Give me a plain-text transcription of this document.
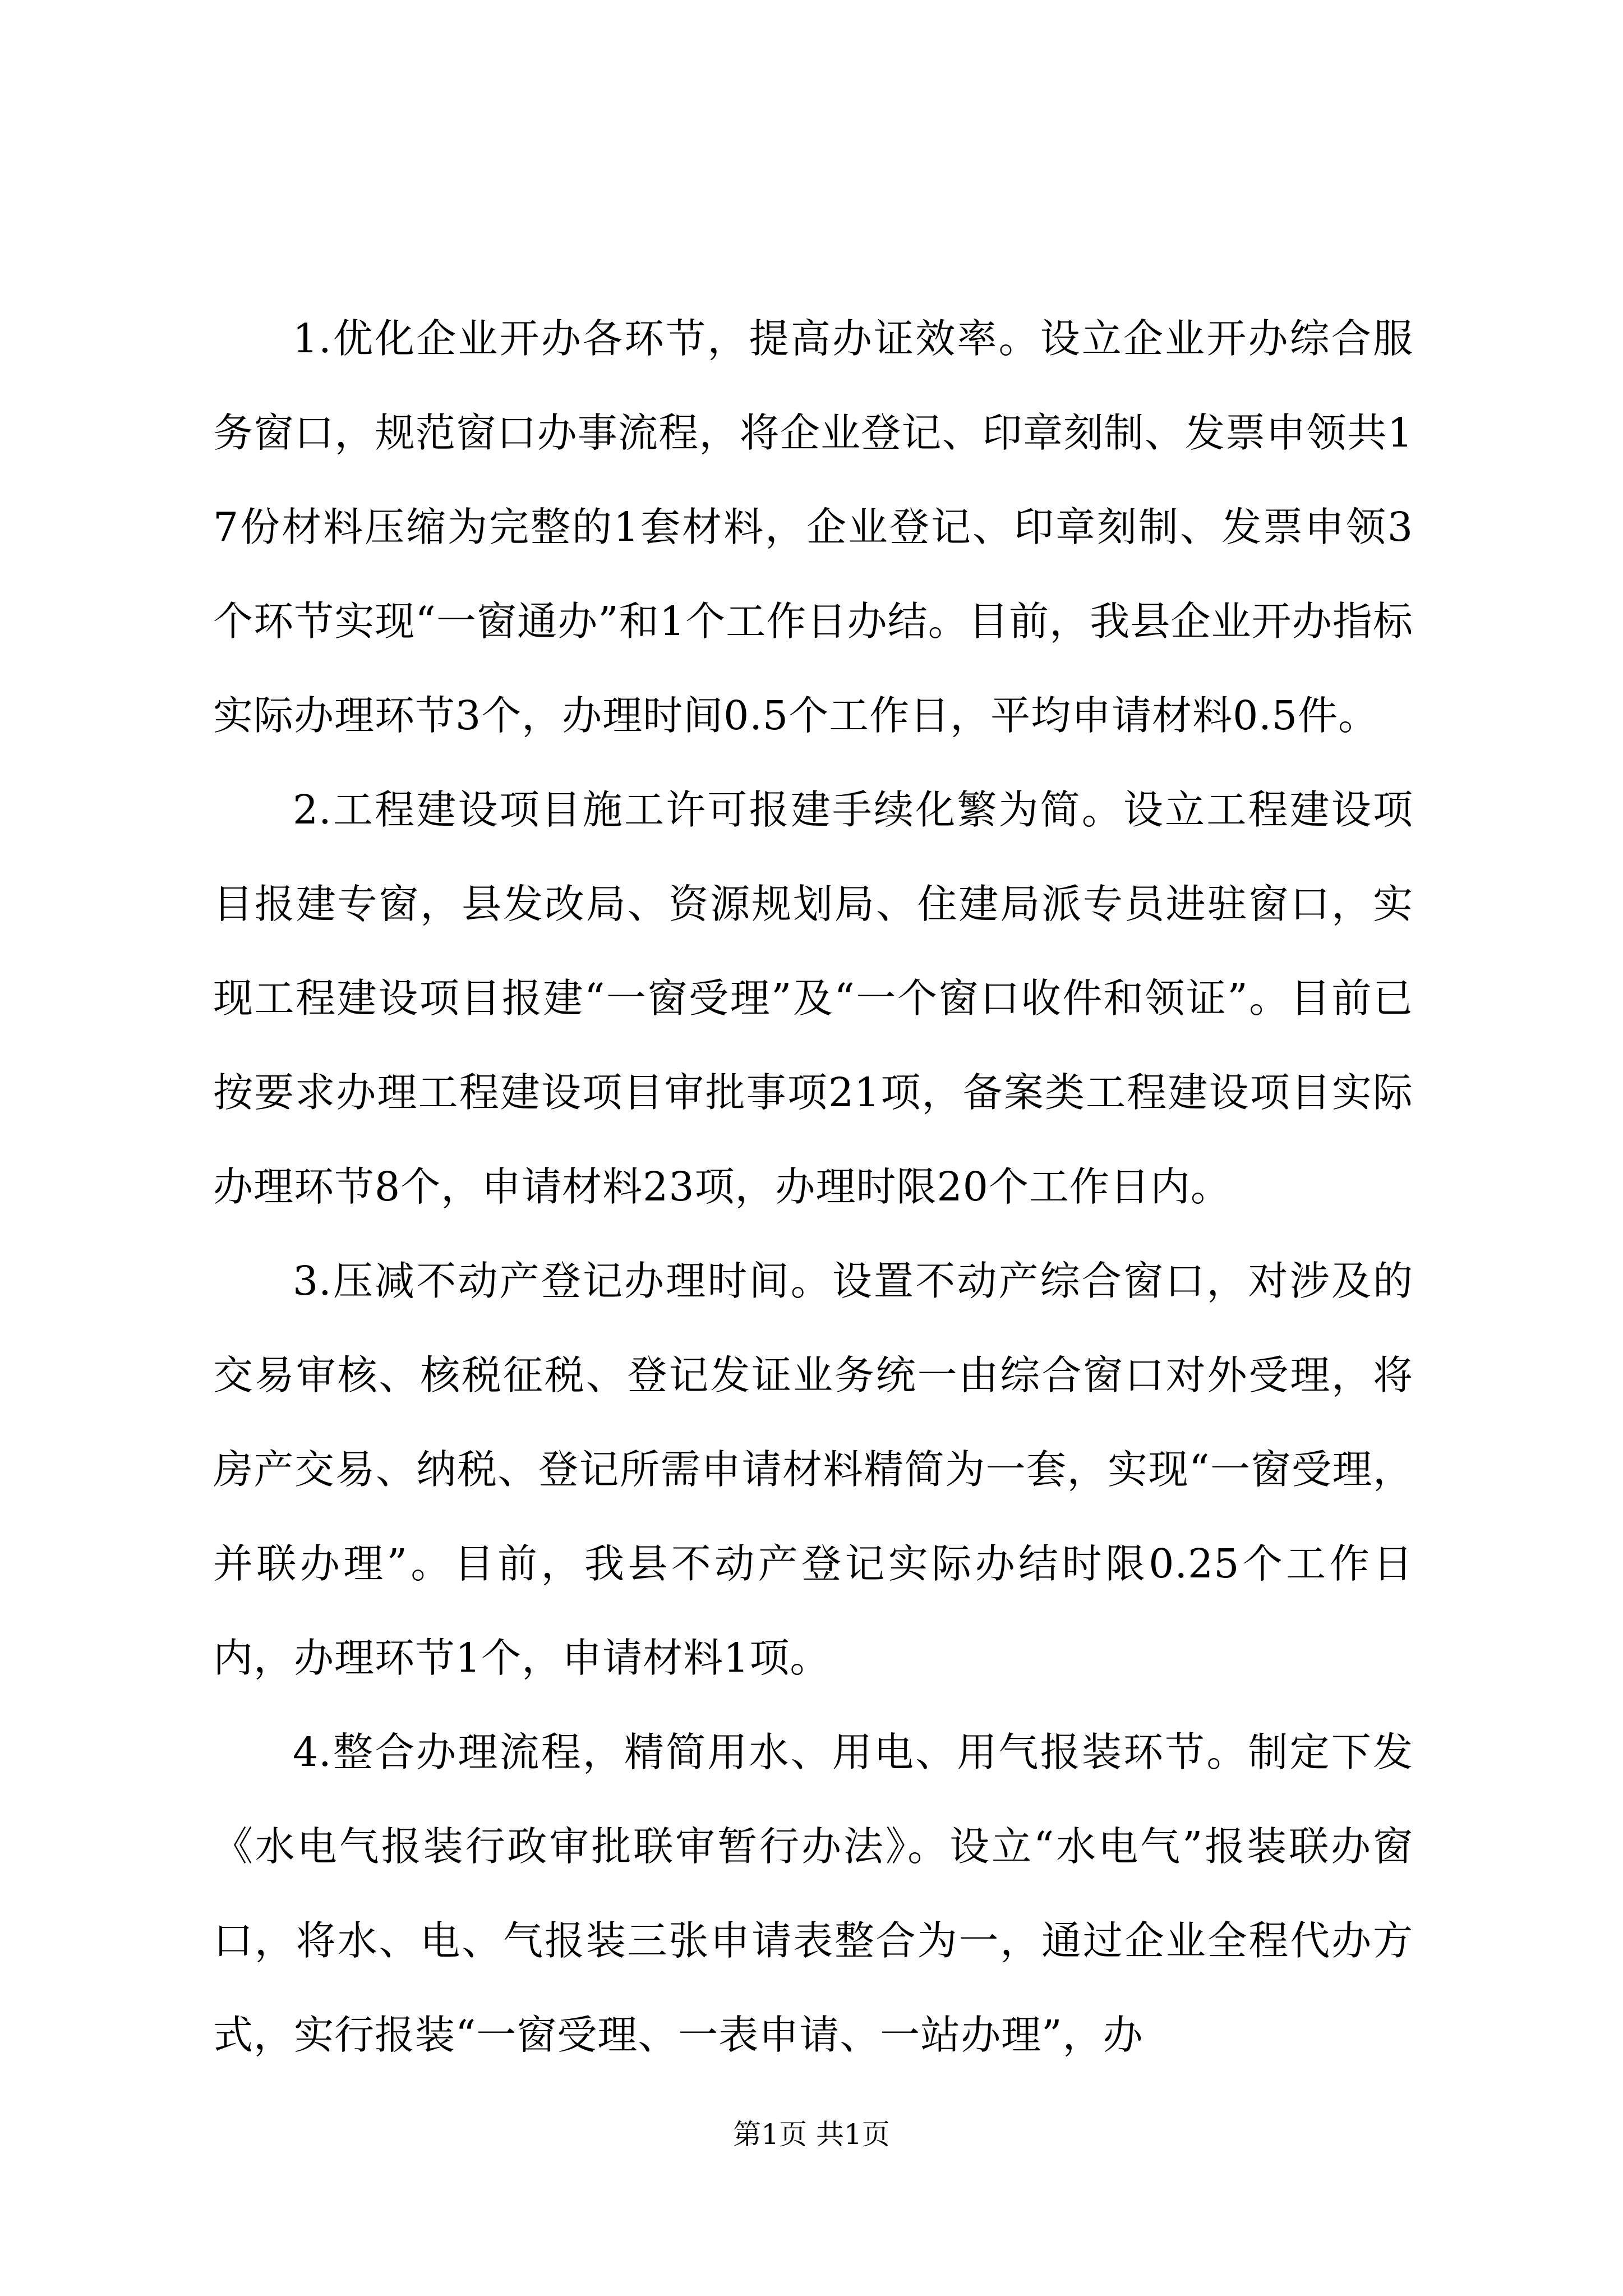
1.优化企业开办各环节，提高办证效率。设立企业开办综合服务窗口，规范窗口办事流程，将企业登记、印章刻制、发票申领共17份材料压缩为完整的1套材料，企业登记、印章刻制、发票申领3个环节实现“一窗通办”和1个工作日办结。目前，我县企业开办指标实际办理环节3个，办理时间0.5个工作日，平均申请材料0.5件。

2.工程建设项目施工许可报建手续化繁为简。设立工程建设项目报建专窗，县发改局、资源规划局、住建局派专员进驻窗口，实现工程建设项目报建“一窗受理”及“一个窗口收件和领证”。目前已按要求办理工程建设项目审批事项21项，备案类工程建设项目实际办理环节8个，申请材料23项，办理时限20个工作日内。

3.压减不动产登记办理时间。设置不动产综合窗口，对涉及的交易审核、核税征税、登记发证业务统一由综合窗口对外受理，将房产交易、纳税、登记所需申请材料精简为一套，实现“一窗受理，并联办理”。目前，我县不动产登记实际办结时限0.25个工作日内，办理环节1个，申请材料1项。

4.整合办理流程，精简用水、用电、用气报装环节。制定下发《水电气报装行政审批联审暂行办法》。设立“水电气”报装联办窗口，将水、电、气报装三张申请表整合为一，通过企业全程代办方式，实行报装“一窗受理、一表申请、一站办理”，办

第1页 共1页
